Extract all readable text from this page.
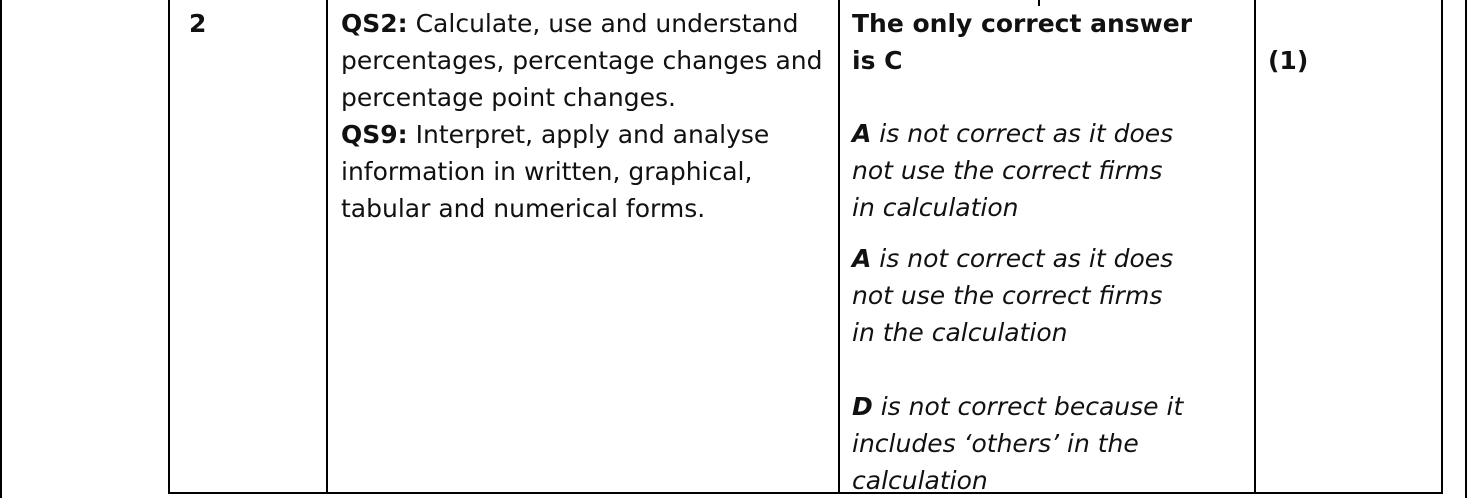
2	QS2: Calculate, use and understand
percentages, percentage changes and
percentage point changes.
QS9: Interpret, apply and analyse
information in written, graphical,
tabular and numerical forms.
The only correct answer
is C	(1)
A is not correct as it does
not use the correct firms
in calculation
A is not correct as it does
not use the correct firms
in the calculation
D is not correct because it
includes ‘others’ in the
calculation
